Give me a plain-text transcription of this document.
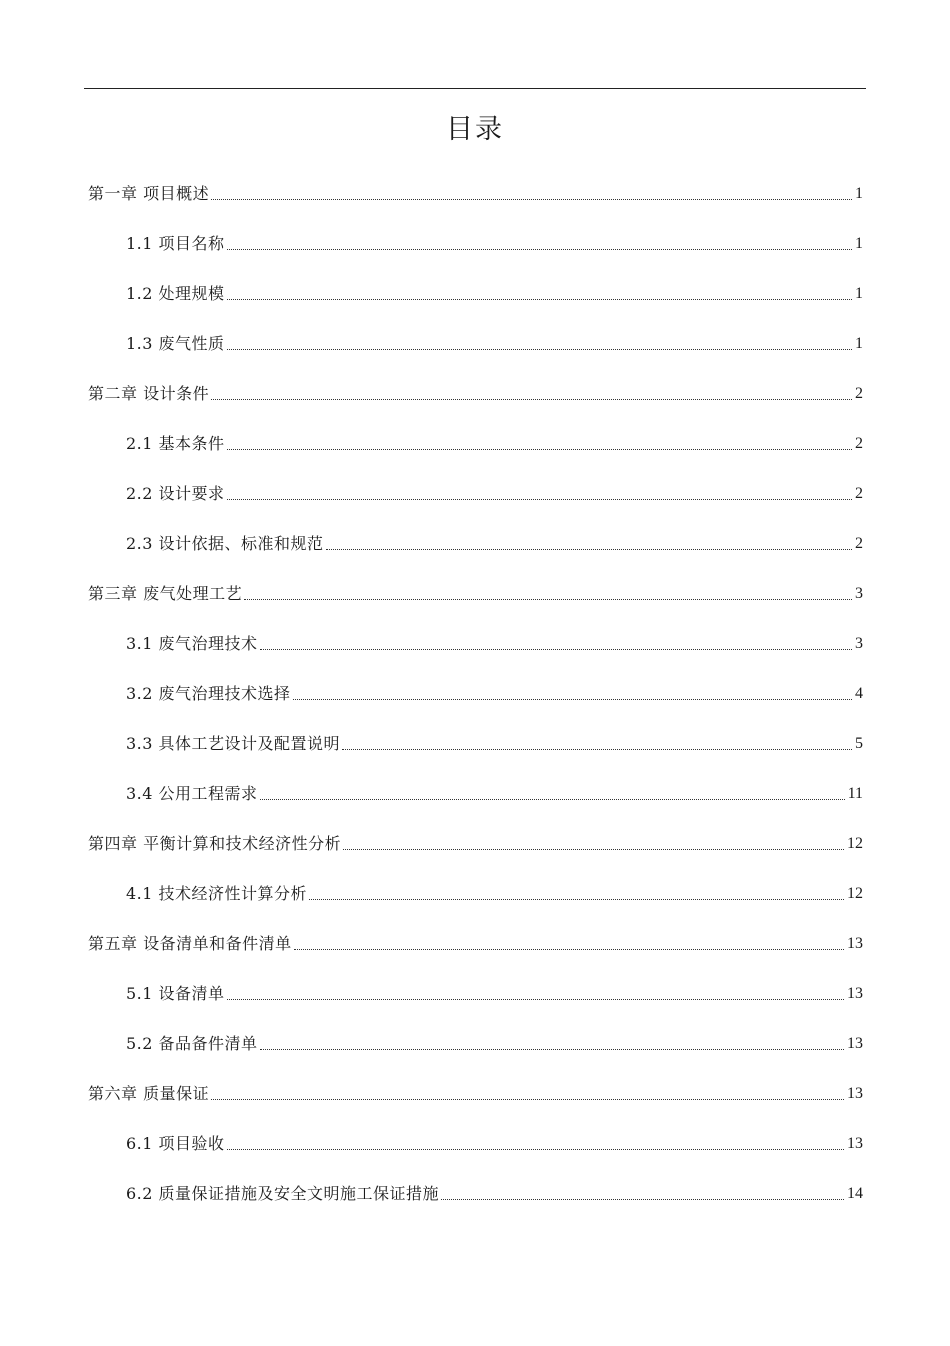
目录
第一章 项目概述	1
1.1 项目名称	1
1.2 处理规模	1
1.3 废气性质	1
第二章 设计条件	2
2.1 基本条件	2
2.2 设计要求	2
2.3 设计依据、标准和规范	2
第三章 废气处理工艺	3
3.1 废气治理技术	3
3.2 废气治理技术选择	4
3.3 具体工艺设计及配置说明	5
3.4 公用工程需求	11
第四章 平衡计算和技术经济性分析	12
4.1 技术经济性计算分析	12
第五章 设备清单和备件清单	13
5.1 设备清单	13
5.2 备品备件清单	13
第六章 质量保证	13
6.1 项目验收	13
6.2 质量保证措施及安全文明施工保证措施	14
